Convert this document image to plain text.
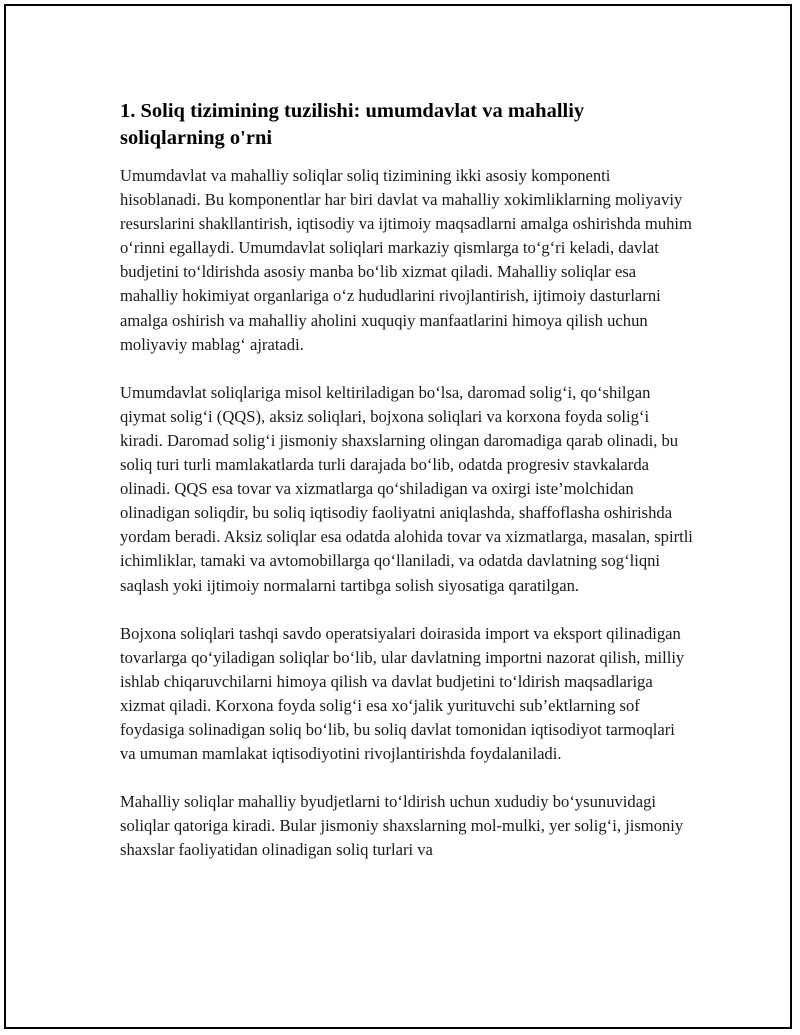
1. Soliq tizimining tuzilishi: umumdavlat va mahalliy soliqlarning o'rni

Umumdavlat va mahalliy soliqlar soliq tizimining ikki asosiy komponenti hisoblanadi. Bu komponentlar har biri davlat va mahalliy xokimliklarning moliyaviy resurslarini shakllantirish, iqtisodiy va ijtimoiy maqsadlarni amalga oshirishda muhim o‘rinni egallaydi. Umumdavlat soliqlari markaziy qismlarga to‘g‘ri keladi, davlat budjetini to‘ldirishda asosiy manba bo‘lib xizmat qiladi. Mahalliy soliqlar esa mahalliy hokimiyat organlariga o‘z hududlarini rivojlantirish, ijtimoiy dasturlarni amalga oshirish va mahalliy aholini xuquqiy manfaatlarini himoya qilish uchun moliyaviy mablag‘ ajratadi.

Umumdavlat soliqlariga misol keltiriladigan bo‘lsa, daromad solig‘i, qo‘shilgan qiymat solig‘i (QQS), aksiz soliqlari, bojxona soliqlari va korxona foyda solig‘i kiradi. Daromad solig‘i jismoniy shaxslarning olingan daromadiga qarab olinadi, bu soliq turi turli mamlakatlarda turli darajada bo‘lib, odatda progresiv stavkalarda olinadi. QQS esa tovar va xizmatlarga qo‘shiladigan va oxirgi iste’molchidan olinadigan soliqdir, bu soliq iqtisodiy faoliyatni aniqlashda, shaffoflasha oshirishda yordam beradi. Aksiz soliqlar esa odatda alohida tovar va xizmatlarga, masalan, spirtli ichimliklar, tamaki va avtomobillarga qo‘llaniladi, va odatda davlatning sog‘liqni saqlash yoki ijtimoiy normalarni tartibga solish siyosatiga qaratilgan.

Bojxona soliqlari tashqi savdo operatsiyalari doirasida import va eksport qilinadigan tovarlarga qo‘yiladigan soliqlar bo‘lib, ular davlatning importni nazorat qilish, milliy ishlab chiqaruvchilarni himoya qilish va davlat budjetini to‘ldirish maqsadlariga xizmat qiladi. Korxona foyda solig‘i esa xo‘jalik yurituvchi sub’ektlarning sof foydasiga solinadigan soliq bo‘lib, bu soliq davlat tomonidan iqtisodiyot tarmoqlari va umuman mamlakat iqtisodiyotini rivojlantirishda foydalaniladi.

Mahalliy soliqlar mahalliy byudjetlarni to‘ldirish uchun xududiy bo‘ysunuvidagi soliqlar qatoriga kiradi. Bular jismoniy shaxslarning mol-mulki, yer solig‘i, jismoniy shaxslar faoliyatidan olinadigan soliq turlari va
